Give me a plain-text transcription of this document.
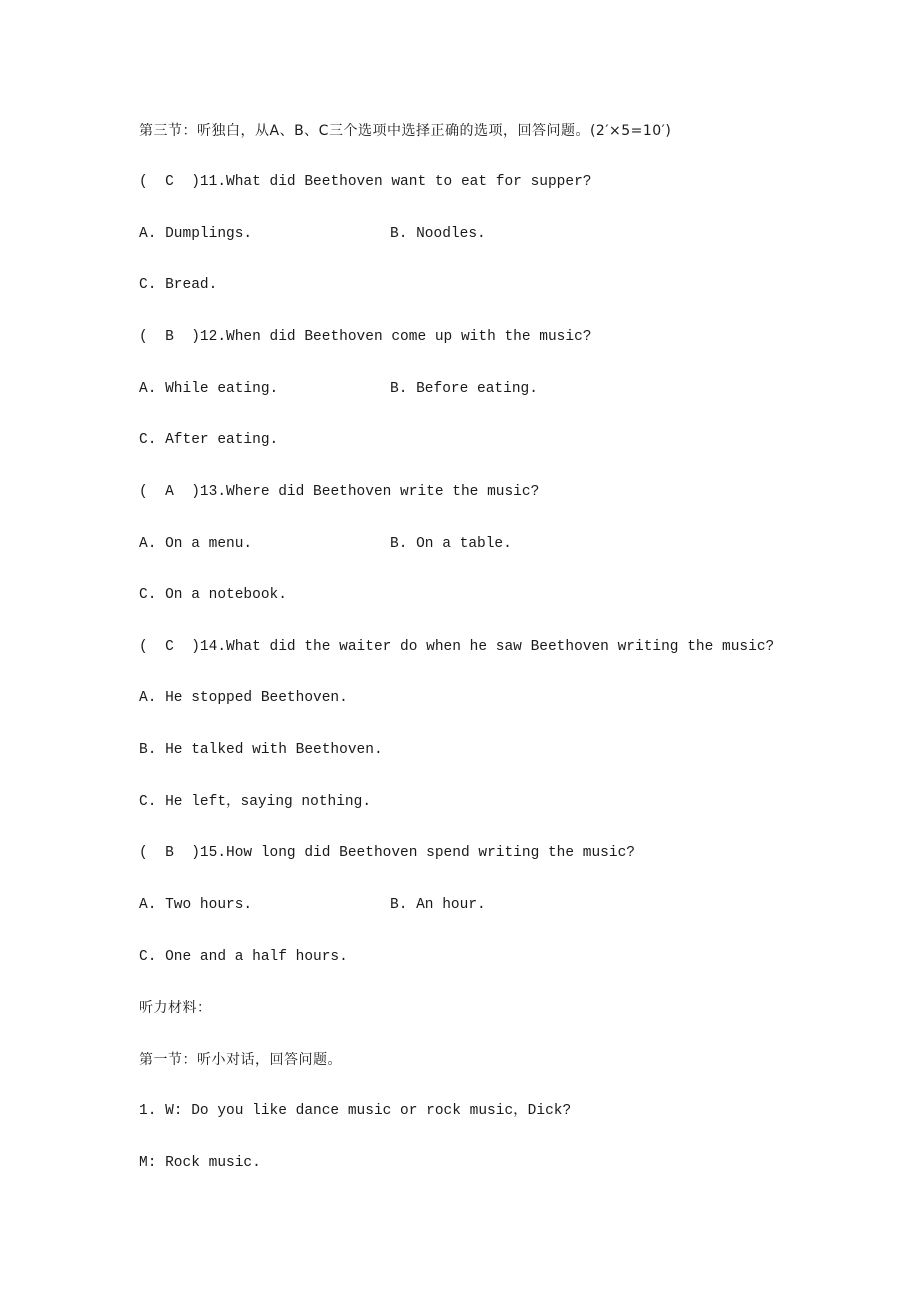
第三节：听独白，从A、B、C三个选项中选择正确的选项，回答问题。(2′×5=10′)
(  C  )11.What did Beethoven want to eat for supper?
A. Dumplings.	B. Noodles.
C. Bread.
(  B  )12.When did Beethoven come up with the music?
A. While eating.	B. Before eating.
C. After eating.
(  A  )13.Where did Beethoven write the music?
A. On a menu.	B. On a table.
C. On a notebook.
(  C  )14.What did the waiter do when he saw Beethoven writing the music?
A. He stopped Beethoven.
B. He talked with Beethoven.
C. He left，saying nothing.
(  B  )15.How long did Beethoven spend writing the music?
A. Two hours.	B. An hour.
C. One and a half hours.
听力材料：
第一节：听小对话，回答问题。
1. W: Do you like dance music or rock music，Dick?
M: Rock music.
